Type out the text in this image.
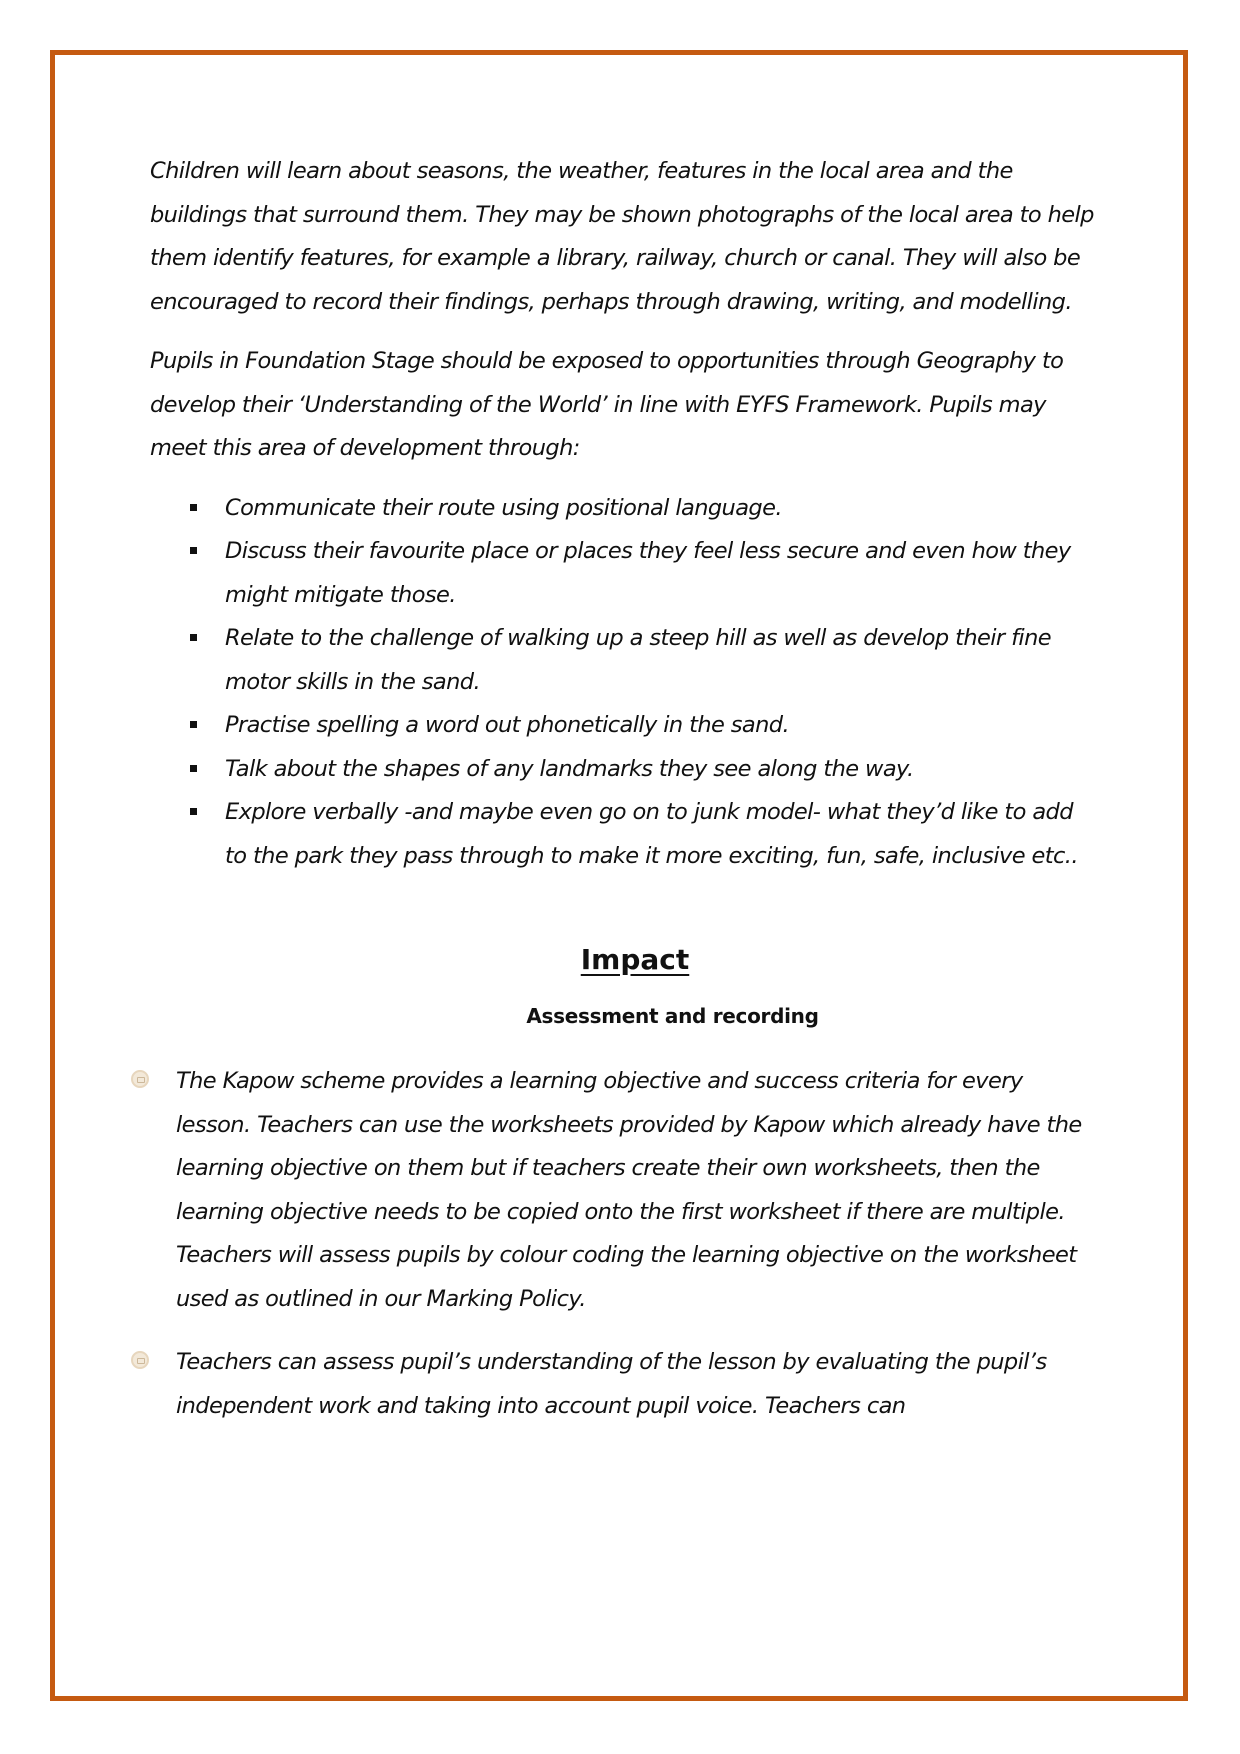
Children will learn about seasons, the weather, features in the local area and the buildings that surround them. They may be shown photographs of the local area to help them identify features, for example a library, railway, church or canal. They will also be encouraged to record their findings, perhaps through drawing, writing, and modelling.

Pupils in Foundation Stage should be exposed to opportunities through Geography to develop their ‘Understanding of the World’ in line with EYFS Framework. Pupils may meet this area of development through:

Communicate their route using positional language.
Discuss their favourite place or places they feel less secure and even how they might mitigate those.
Relate to the challenge of walking up a steep hill as well as develop their fine motor skills in the sand.
Practise spelling a word out phonetically in the sand.
Talk about the shapes of any landmarks they see along the way.
Explore verbally -and maybe even go on to junk model- what they’d like to add to the park they pass through to make it more exciting, fun, safe, inclusive etc..
Impact
Assessment and recording

The Kapow scheme provides a learning objective and success criteria for every lesson. Teachers can use the worksheets provided by Kapow which already have the learning objective on them but if teachers create their own worksheets, then the learning objective needs to be copied onto the first worksheet if there are multiple. Teachers will assess pupils by colour coding the learning objective on the worksheet used as outlined in our Marking Policy.

Teachers can assess pupil’s understanding of the lesson by evaluating the pupil’s independent work and taking into account pupil voice. Teachers can
